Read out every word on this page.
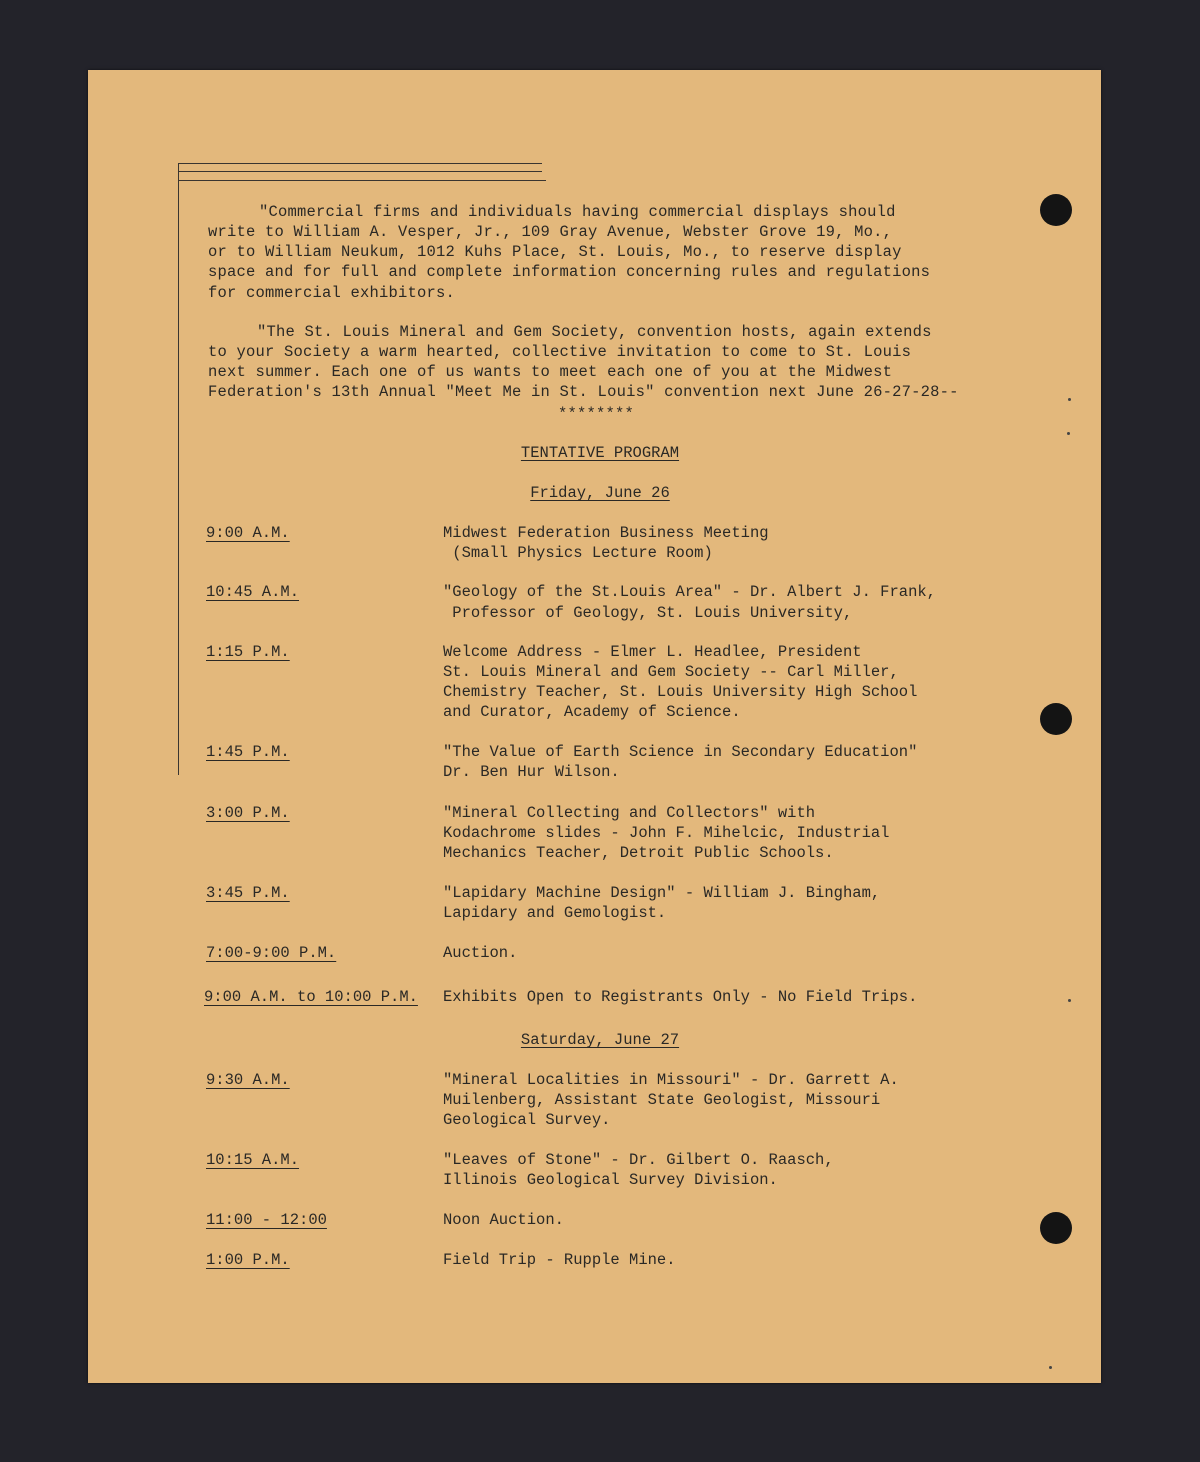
"Commercial firms and individuals having commercial displays should
write to William A. Vesper, Jr., 109 Gray Avenue, Webster Grove 19, Mo.,
or to William Neukum, 1012 Kuhs Place, St. Louis, Mo., to reserve display
space and for full and complete information concerning rules and regulations
for commercial exhibitors.
"The St. Louis Mineral and Gem Society, convention hosts, again extends
to your Society a warm hearted, collective invitation to come to St. Louis
next summer. Each one of us wants to meet each one of you at the Midwest
Federation's 13th Annual "Meet Me in St. Louis" convention next June 26-27-28--
********
TENTATIVE PROGRAM
Friday, June 26
9:00 A.M.	Midwest Federation Business Meeting
(Small Physics Lecture Room)
10:45 A.M.	"Geology of the St.Louis Area" - Dr. Albert J. Frank,
Professor of Geology, St. Louis University,
1:15 P.M.	Welcome Address - Elmer L. Headlee, President
St. Louis Mineral and Gem Society -- Carl Miller,
Chemistry Teacher, St. Louis University High School
and Curator, Academy of Science.
1:45 P.M.	"The Value of Earth Science in Secondary Education"
Dr. Ben Hur Wilson.
3:00 P.M.	"Mineral Collecting and Collectors" with
Kodachrome slides - John F. Mihelcic, Industrial
Mechanics Teacher, Detroit Public Schools.
3:45 P.M.	"Lapidary Machine Design" - William J. Bingham,
Lapidary and Gemologist.
7:00-9:00 P.M.	Auction.
9:00 A.M. to 10:00 P.M. Exhibits Open to Registrants Only - No Field Trips.
Saturday, June 27
9:30 A.M.	"Mineral Localities in Missouri" - Dr. Garrett A.
Muilenberg, Assistant State Geologist, Missouri
Geological Survey.
10:15 A.M.	"Leaves of Stone" - Dr. Gilbert O. Raasch,
Illinois Geological Survey Division.
11:00 - 12:00	Noon Auction.
1:00 P.M.	Field Trip - Rupple Mine.
